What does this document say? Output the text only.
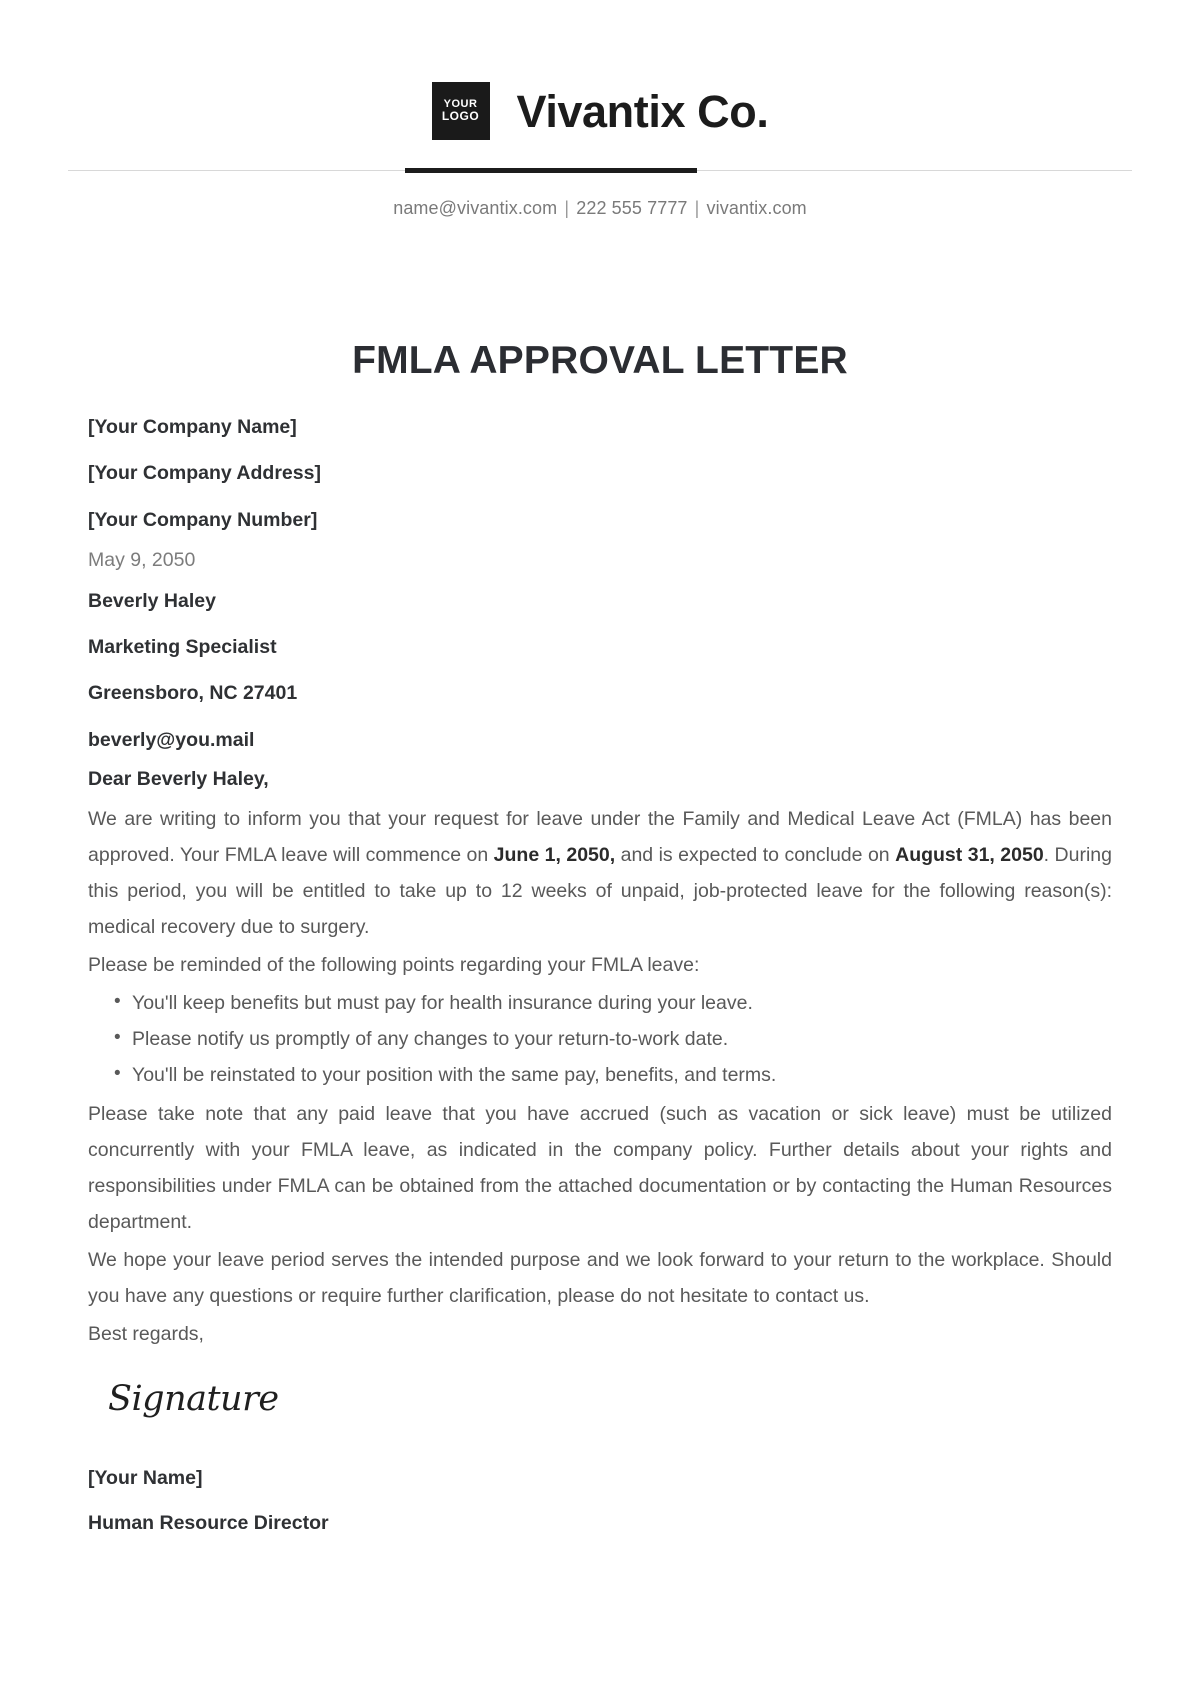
YOUR
LOGO Vivantix Co.
name@vivantix.com | 222 555 7777 | vivantix.com
FMLA APPROVAL LETTER
[Your Company Name]
[Your Company Address]
[Your Company Number]
May 9, 2050
Beverly Haley
Marketing Specialist
Greensboro, NC 27401
beverly@you.mail
Dear Beverly Haley,

We are writing to inform you that your request for leave under the Family and Medical Leave Act (FMLA) has been approved. Your FMLA leave will commence on June 1, 2050, and is expected to conclude on August 31, 2050. During this period, you will be entitled to take up to 12 weeks of unpaid, job-protected leave for the following reason(s): medical recovery due to surgery.

Please be reminded of the following points regarding your FMLA leave:

• You'll keep benefits but must pay for health insurance during your leave.
• Please notify us promptly of any changes to your return-to-work date.
• You'll be reinstated to your position with the same pay, benefits, and terms.

Please take note that any paid leave that you have accrued (such as vacation or sick leave) must be utilized concurrently with your FMLA leave, as indicated in the company policy. Further details about your rights and responsibilities under FMLA can be obtained from the attached documentation or by contacting the Human Resources department.

We hope your leave period serves the intended purpose and we look forward to your return to the workplace. Should you have any questions or require further clarification, please do not hesitate to contact us.

Best regards,

Signature
[Your Name]
Human Resource Director
